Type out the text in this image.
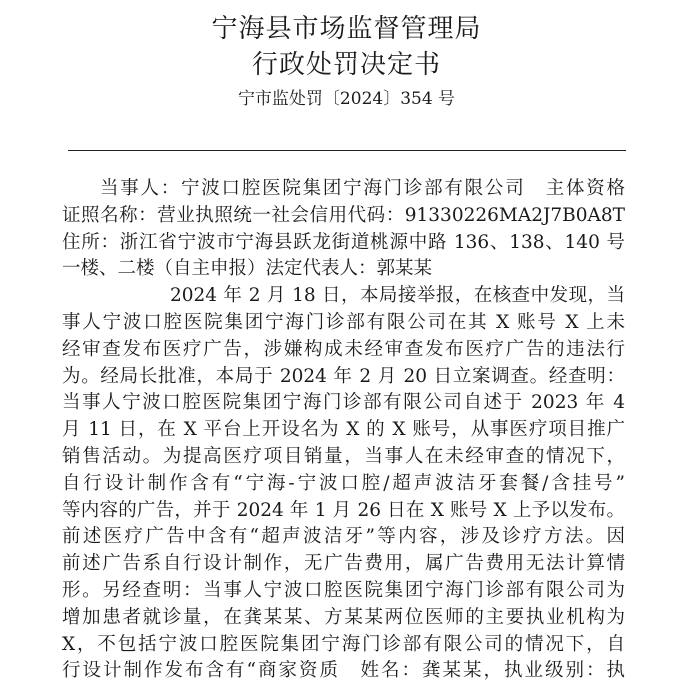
宁海县市场监督管理局
行政处罚决定书
宁市监处罚〔2024〕354 号
当事人：宁波口腔医院集团宁海门诊部有限公司　主体资格
证照名称：营业执照统一社会信用代码：91330226MA2J7B0A8T
住所：浙江省宁波市宁海县跃龙街道桃源中路 136、138、140 号
一楼、二楼（自主申报）法定代表人：郭某某
2024 年 2 月 18 日，本局接举报，在核查中发现，当
事人宁波口腔医院集团宁海门诊部有限公司在其 X 账号 X 上未
经审查发布医疗广告，涉嫌构成未经审查发布医疗广告的违法行
为。经局长批准，本局于 2024 年 2 月 20 日立案调查。经查明：
当事人宁波口腔医院集团宁海门诊部有限公司自述于 2023 年 4
月 11 日，在 X 平台上开设名为 X 的 X 账号，从事医疗项目推广
销售活动。为提高医疗项目销量，当事人在未经审查的情况下，
自行设计制作含有“宁海-宁波口腔/超声波洁牙套餐/含挂号”
等内容的广告，并于 2024 年 1 月 26 日在 X 账号 X 上予以发布。
前述医疗广告中含有“超声波洁牙”等内容，涉及诊疗方法。因
前述广告系自行设计制作，无广告费用，属广告费用无法计算情
形。另经查明：当事人宁波口腔医院集团宁海门诊部有限公司为
增加患者就诊量，在龚某某、方某某两位医师的主要执业机构为
X，不包括宁波口腔医院集团宁海门诊部有限公司的情况下，自
行设计制作发布含有“商家资质　姓名：龚某某，执业级别：执
